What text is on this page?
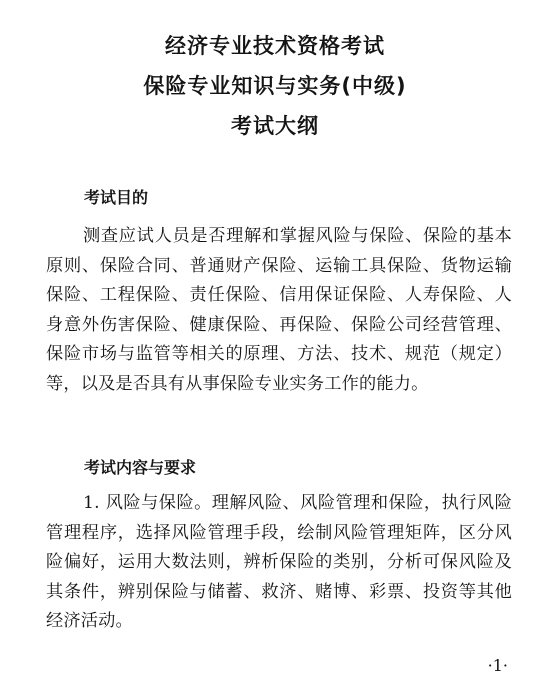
经济专业技术资格考试
保险专业知识与实务(中级)
考试大纲
考试目的
测查应试人员是否理解和掌握风险与保险、保险的基本原则、保险合同、普通财产保险、运输工具保险、货物运输保险、工程保险、责任保险、信用保证保险、人寿保险、人身意外伤害保险、健康保险、再保险、保险公司经营管理、保险市场与监管等相关的原理、方法、技术、规范（规定）等，以及是否具有从事保险专业实务工作的能力。
考试内容与要求
1. 风险与保险。理解风险、风险管理和保险，执行风险管理程序，选择风险管理手段，绘制风险管理矩阵，区分风险偏好，运用大数法则，辨析保险的类别，分析可保风险及其条件，辨别保险与储蓄、救济、赌博、彩票、投资等其他经济活动。
·1·
